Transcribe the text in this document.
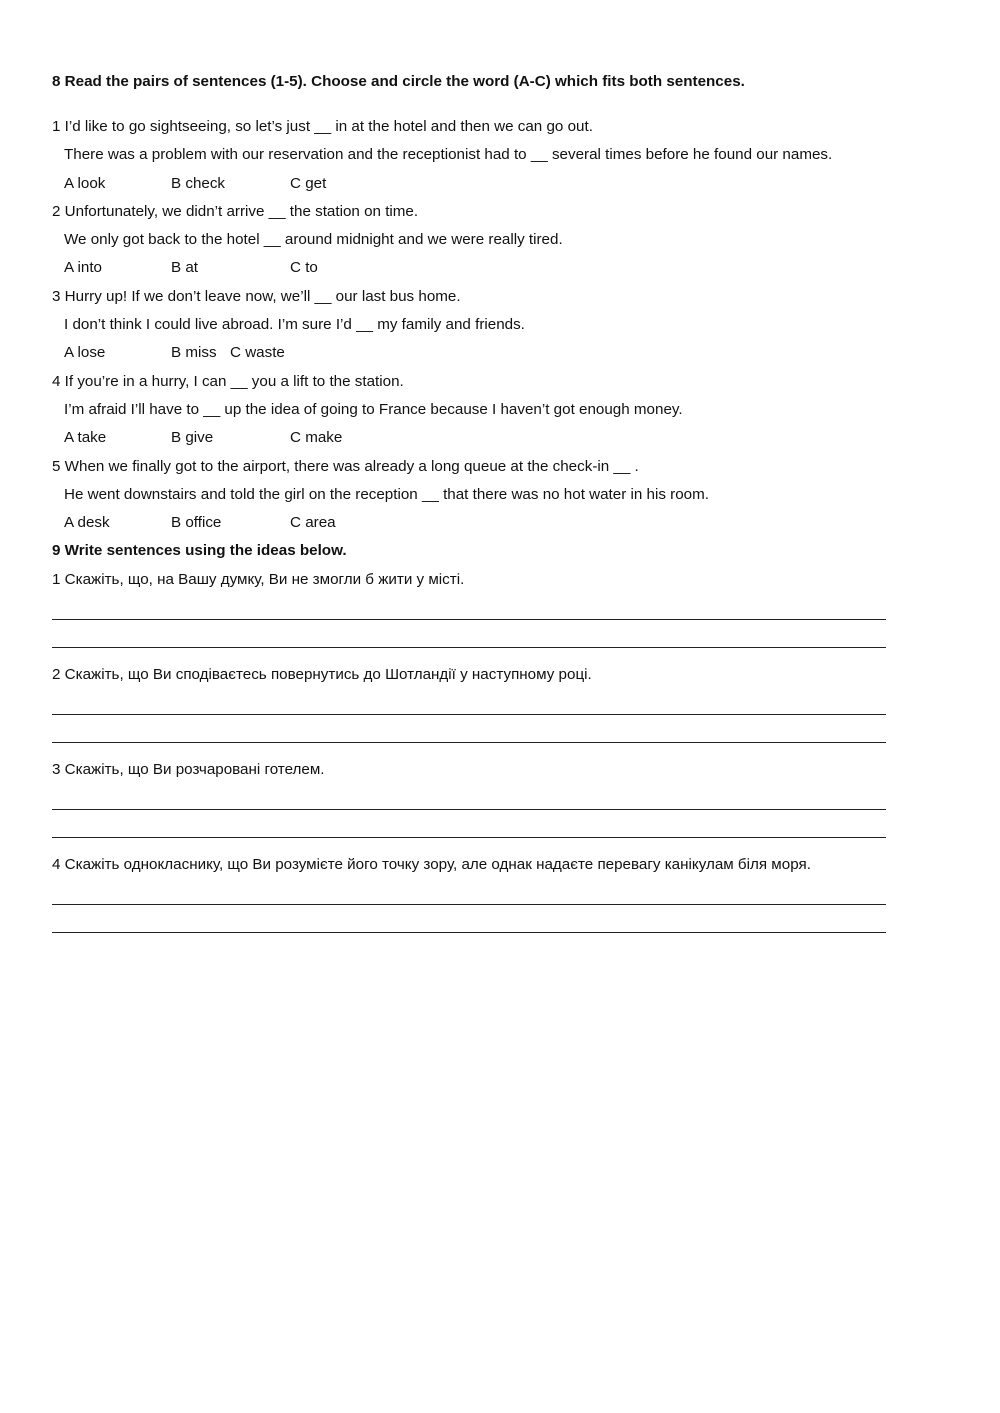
8 Read the pairs of sentences (1-5). Choose and circle the word (A-C) which fits both sentences.
1 I’d like to go sightseeing, so let’s just __ in at the hotel and then we can go out.
There was a problem with our reservation and the receptionist had to __ several times before he found our names.
A look	B check	C get
2 Unfortunately, we didn’t arrive __ the station on time.
We only got back to the hotel __ around midnight and we were really tired.
A into	B at	C to
3 Hurry up! If we don’t leave now, we’ll __ our last bus home.
I don’t think I could live abroad. I’m sure I’d __ my family and friends.
A lose	B miss C waste
4 If you’re in a hurry, I can __ you a lift to the station.
I’m afraid I’ll have to __ up the idea of going to France because I haven’t got enough money.
A take	B give	C make
5 When we finally got to the airport, there was already a long queue at the check-in __ .
He went downstairs and told the girl on the reception __ that there was no hot water in his room.
A desk	B office	C area
9 Write sentences using the ideas below.
1 Скажіть, що, на Вашу думку, Ви не змогли б жити у місті.
2 Скажіть, що Ви сподіваєтесь повернутись до Шотландії у наступному році.
3 Скажіть, що Ви розчаровані готелем.
4 Скажіть однокласнику, що Ви розумієте його точку зору, але однак надаєте перевагу канікулам біля моря.
